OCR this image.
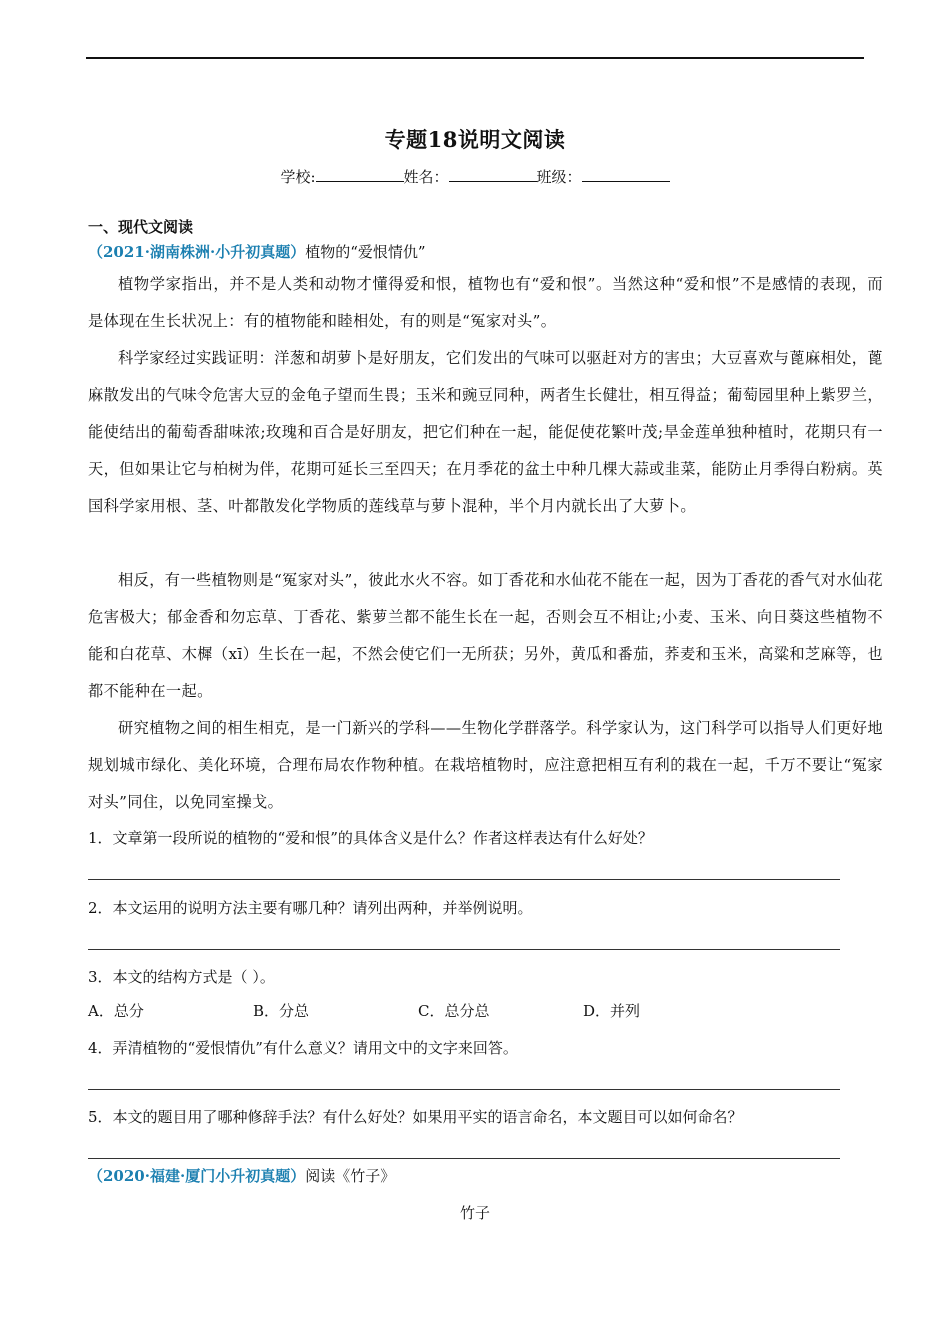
专题18说明文阅读
学校:	姓名：	班级：
一、现代文阅读
（2021·湖南株洲·小升初真题）植物的“爱恨情仇”
植物学家指出，并不是人类和动物才懂得爱和恨，植物也有“爱和恨”。当然这种“爱和恨”不是感情的表现，而是体现在生长状况上：有的植物能和睦相处，有的则是“冤家对头”。
科学家经过实践证明：洋葱和胡萝卜是好朋友，它们发出的气味可以驱赶对方的害虫；大豆喜欢与蓖麻相处，蓖麻散发出的气味令危害大豆的金龟子望而生畏；玉米和豌豆同种，两者生长健壮，相互得益；葡萄园里种上紫罗兰，能使结出的葡萄香甜味浓;玫瑰和百合是好朋友，把它们种在一起，能促使花繁叶茂;旱金莲单独种植时，花期只有一天，但如果让它与柏树为伴，花期可延长三至四天；在月季花的盆土中种几棵大蒜或韭菜，能防止月季得白粉病。英国科学家用根、茎、叶都散发化学物质的莲线草与萝卜混种，半个月内就长出了大萝卜。
相反，有一些植物则是“冤家对头”，彼此水火不容。如丁香花和水仙花不能在一起，因为丁香花的香气对水仙花危害极大；郁金香和勿忘草、丁香花、紫萝兰都不能生长在一起，否则会互不相让;小麦、玉米、向日葵这些植物不能和白花草、木樨（xī）生长在一起，不然会使它们一无所获；另外，黄瓜和番茄，荞麦和玉米，高粱和芝麻等，也都不能种在一起。
研究植物之间的相生相克，是一门新兴的学科——生物化学群落学。科学家认为，这门科学可以指导人们更好地规划城市绿化、美化环境，合理布局农作物种植。在栽培植物时，应注意把相互有利的栽在一起，千万不要让“冤家对头”同住，以免同室操戈。
1．文章第一段所说的植物的“爱和恨”的具体含义是什么？作者这样表达有什么好处？
2．本文运用的说明方法主要有哪几种？请列出两种，并举例说明。
3．本文的结构方式是（ ）。
A．总分	B．分总	C．总分总	D．并列
4．弄清植物的“爱恨情仇”有什么意义？请用文中的文字来回答。
5．本文的题目用了哪种修辞手法？有什么好处？如果用平实的语言命名，本文题目可以如何命名？
（2020·福建·厦门小升初真题）阅读《竹子》
竹子
